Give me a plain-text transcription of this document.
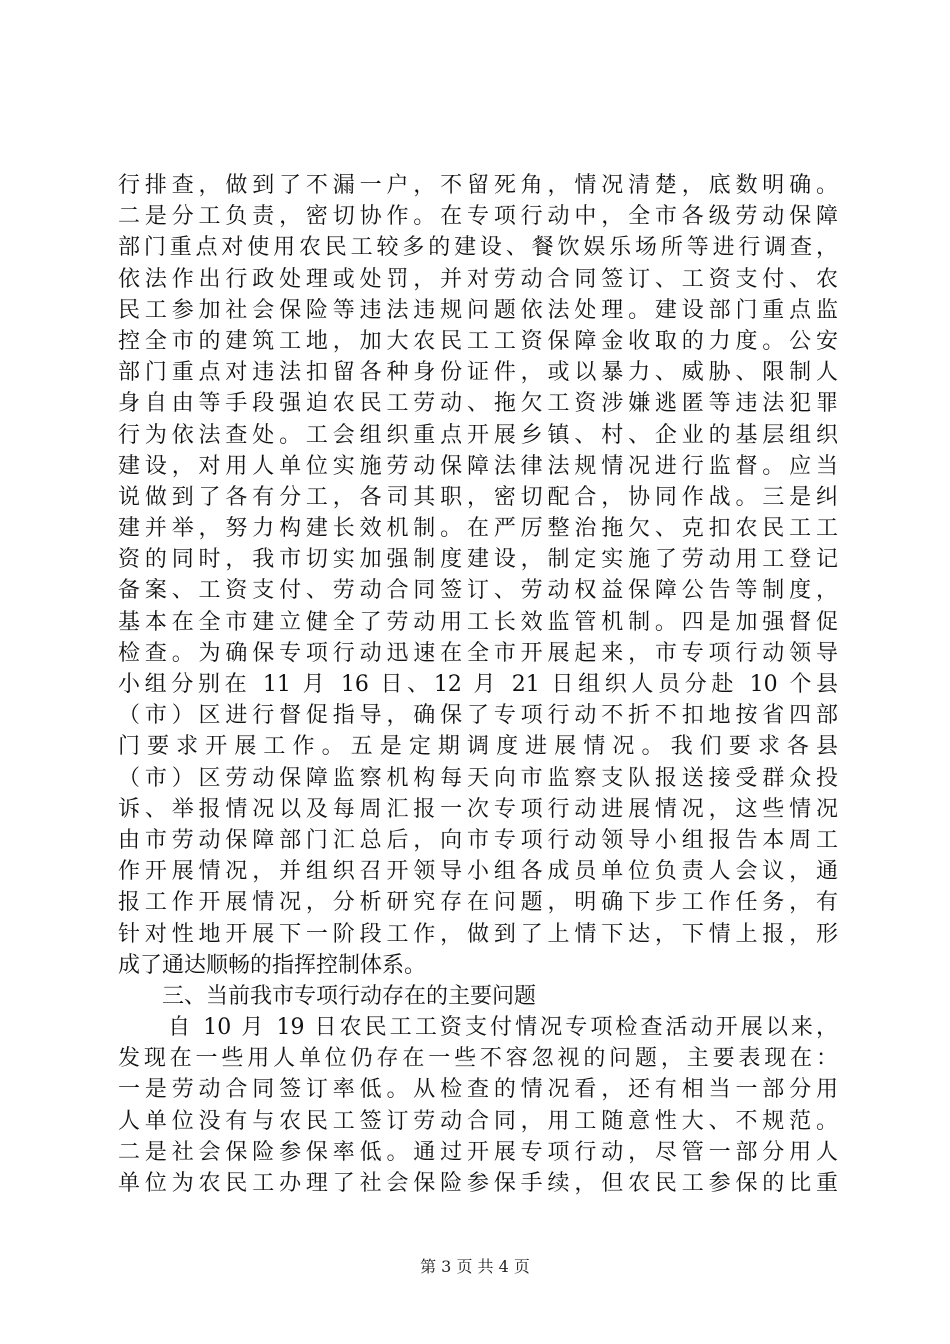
行排查，做到了不漏一户，不留死角，情况清楚，底数明确。
二是分工负责，密切协作。在专项行动中，全市各级劳动保障
部门重点对使用农民工较多的建设、餐饮娱乐场所等进行调查，
依法作出行政处理或处罚，并对劳动合同签订、工资支付、农
民工参加社会保险等违法违规问题依法处理。建设部门重点监
控全市的建筑工地，加大农民工工资保障金收取的力度。公安
部门重点对违法扣留各种身份证件，或以暴力、威胁、限制人
身自由等手段强迫农民工劳动、拖欠工资涉嫌逃匿等违法犯罪
行为依法查处。工会组织重点开展乡镇、村、企业的基层组织
建设，对用人单位实施劳动保障法律法规情况进行监督。应当
说做到了各有分工，各司其职，密切配合，协同作战。三是纠
建并举，努力构建长效机制。在严厉整治拖欠、克扣农民工工
资的同时，我市切实加强制度建设，制定实施了劳动用工登记
备案、工资支付、劳动合同签订、劳动权益保障公告等制度，
基本在全市建立健全了劳动用工长效监管机制。四是加强督促
检查。为确保专项行动迅速在全市开展起来，市专项行动领导
小组分别在 11 月 16 日、12 月 21 日组织人员分赴 10 个县
（市）区进行督促指导，确保了专项行动不折不扣地按省四部
门要求开展工作。五是定期调度进展情况。我们要求各县
（市）区劳动保障监察机构每天向市监察支队报送接受群众投
诉、举报情况以及每周汇报一次专项行动进展情况，这些情况
由市劳动保障部门汇总后，向市专项行动领导小组报告本周工
作开展情况，并组织召开领导小组各成员单位负责人会议，通
报工作开展情况，分析研究存在问题，明确下步工作任务，有
针对性地开展下一阶段工作，做到了上情下达，下情上报，形
成了通达顺畅的指挥控制体系。
　　三、当前我市专项行动存在的主要问题
　　自 10 月 19 日农民工工资支付情况专项检查活动开展以来，
发现在一些用人单位仍存在一些不容忽视的问题，主要表现在：
一是劳动合同签订率低。从检查的情况看，还有相当一部分用
人单位没有与农民工签订劳动合同，用工随意性大、不规范。
二是社会保险参保率低。通过开展专项行动，尽管一部分用人
单位为农民工办理了社会保险参保手续，但农民工参保的比重
第 3 页 共 4 页
